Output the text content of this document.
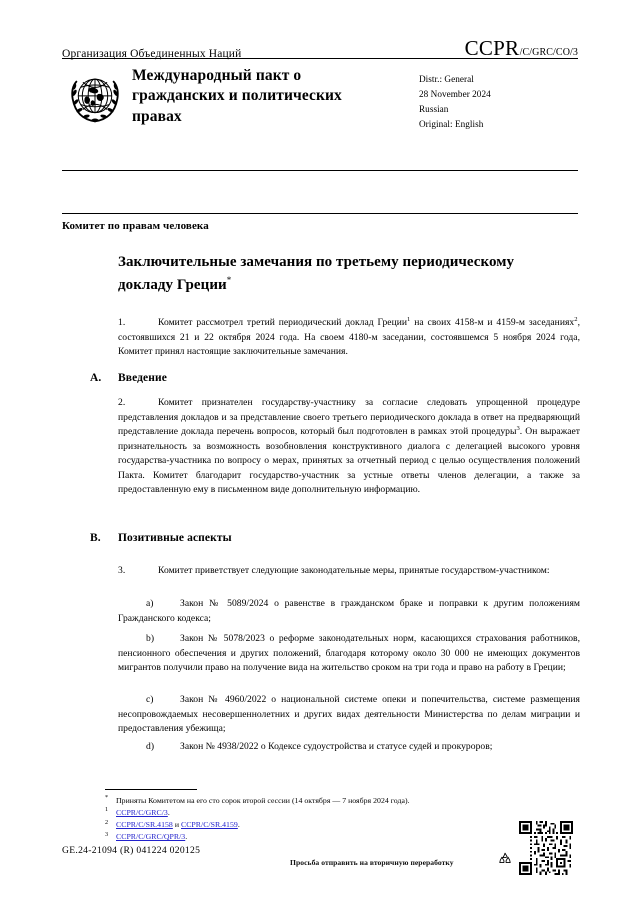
Организация Объединенных Наций	CCPR /C/GRC/CO/3
Международный пакт о гражданских и политических правах
Distr.: General
28 November 2024
Russian
Original: English
Комитет по правам человека
Заключительные замечания по третьему периодическому докладу Греции*
1.	Комитет рассмотрел третий периодический доклад Греции$^1$ на своих 4158-м и 4159-м заседаниях$^2$, состоявшихся 21 и 22 октября 2024 года. На своем 4180-м заседании, состоявшемся 5 ноября 2024 года, Комитет принял настоящие заключительные замечания.
A. Введение
2.	Комитет признателен государству-участнику за согласие следовать упрощенной процедуре представления докладов и за представление своего третьего периодического доклада в ответ на предваряющий представление доклада перечень вопросов, который был подготовлен в рамках этой процедуры$^3$. Он выражает признательность за возможность возобновления конструктивного диалога с делегацией высокого уровня государства-участника по вопросу о мерах, принятых за отчетный период с целью осуществления положений Пакта. Комитет благодарит государство-участник за устные ответы членов делегации, а также за предоставленную ему в письменном виде дополнительную информацию.
B. Позитивные аспекты
3.	Комитет приветствует следующие законодательные меры, принятые государством-участником:
a)	Закон № 5089/2024 о равенстве в гражданском браке и поправки к другим положениям Гражданского кодекса;
b)	Закон № 5078/2023 о реформе законодательных норм, касающихся страхования работников, пенсионного обеспечения и других положений, благодаря которому около 30 000 не имеющих документов мигрантов получили право на получение вида на жительство сроком на три года и право на работу в Греции;
c)	Закон № 4960/2022 о национальной системе опеки и попечительства, системе размещения несопровождаемых несовершеннолетних и других видах деятельности Министерства по делам миграции и предоставления убежища;
d)	Закон № 4938/2022 о Кодексе судоустройства и статусе судей и прокуроров;
* Приняты Комитетом на его сто сорок второй сессии (14 октября — 7 ноября 2024 года).
1 CCPR/C/GRC/3.
2 CCPR/C/SR.4158 и CCPR/C/SR.4159.
3 CCPR/C/GRC/QPR/3.
GE.24-21094 (R) 041224 020125
Просьба отправить на вторичную переработку
